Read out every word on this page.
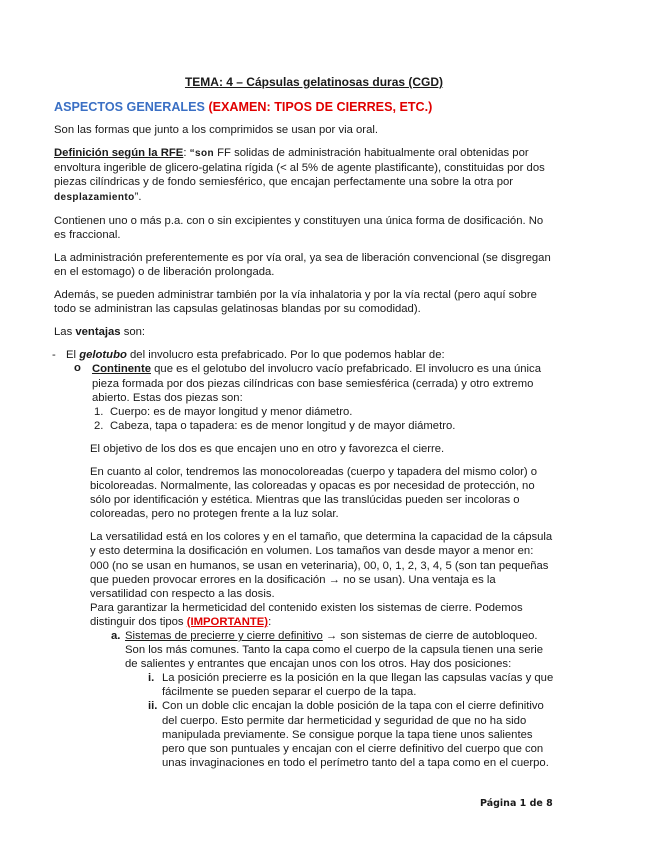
TEMA: 4 – Cápsulas gelatinosas duras (CGD)

ASPECTOS GENERALES (EXAMEN: TIPOS DE CIERRES, ETC.)

Son las formas que junto a los comprimidos se usan por via oral.

Definición según la RFE: “son FF solidas de administración habitualmente oral obtenidas por envoltura ingerible de glicero-gelatina rígida (< al 5% de agente plastificante), constituidas por dos piezas cilíndricas y de fondo semiesférico, que encajan perfectamente una sobre la otra por desplazamiento”.

Contienen uno o más p.a. con o sin excipientes y constituyen una única forma de dosificación. No es fraccional.

La administración preferentemente es por vía oral, ya sea de liberación convencional (se disgregan en el estomago) o de liberación prolongada.

Además, se pueden administrar también por la vía inhalatoria y por la vía rectal (pero aquí sobre todo se administran las capsulas gelatinosas blandas por su comodidad).

Las ventajas son:

- El gelotubo del involucro esta prefabricado. Por lo que podemos hablar de:
o Continente que es el gelotubo del involucro vacío prefabricado. El involucro es una única pieza formada por dos piezas cilíndricas con base semiesférica (cerrada) y otro extremo abierto. Estas dos piezas son:
1. Cuerpo: es de mayor longitud y menor diámetro.
2. Cabeza, tapa o tapadera: es de menor longitud y de mayor diámetro.

El objetivo de los dos es que encajen uno en otro y favorezca el cierre.

En cuanto al color, tendremos las monocoloreadas (cuerpo y tapadera del mismo color) o bicoloreadas. Normalmente, las coloreadas y opacas es por necesidad de protección, no sólo por identificación y estética. Mientras que las translúcidas pueden ser incoloras o coloreadas, pero no protegen frente a la luz solar.

La versatilidad está en los colores y en el tamaño, que determina la capacidad de la cápsula y esto determina la dosificación en volumen. Los tamaños van desde mayor a menor en: 000 (no se usan en humanos, se usan en veterinaria), 00, 0, 1, 2, 3, 4, 5 (son tan pequeñas que pueden provocar errores en la dosificación → no se usan). Una ventaja es la versatilidad con respecto a las dosis.

Para garantizar la hermeticidad del contenido existen los sistemas de cierre. Podemos distinguir dos tipos (IMPORTANTE):

a. Sistemas de precierre y cierre definitivo → son sistemas de cierre de autobloqueo. Son los más comunes. Tanto la capa como el cuerpo de la capsula tienen una serie de salientes y entrantes que encajan unos con los otros. Hay dos posiciones:
i. La posición precierre es la posición en la que llegan las capsulas vacías y que fácilmente se pueden separar el cuerpo de la tapa.
ii. Con un doble clic encajan la doble posición de la tapa con el cierre definitivo del cuerpo. Esto permite dar hermeticidad y seguridad de que no ha sido manipulada previamente. Se consigue porque la tapa tiene unos salientes pero que son puntuales y encajan con el cierre definitivo del cuerpo que con unas invaginaciones en todo el perímetro tanto del a tapa como en el cuerpo.
Página 1 de 8
